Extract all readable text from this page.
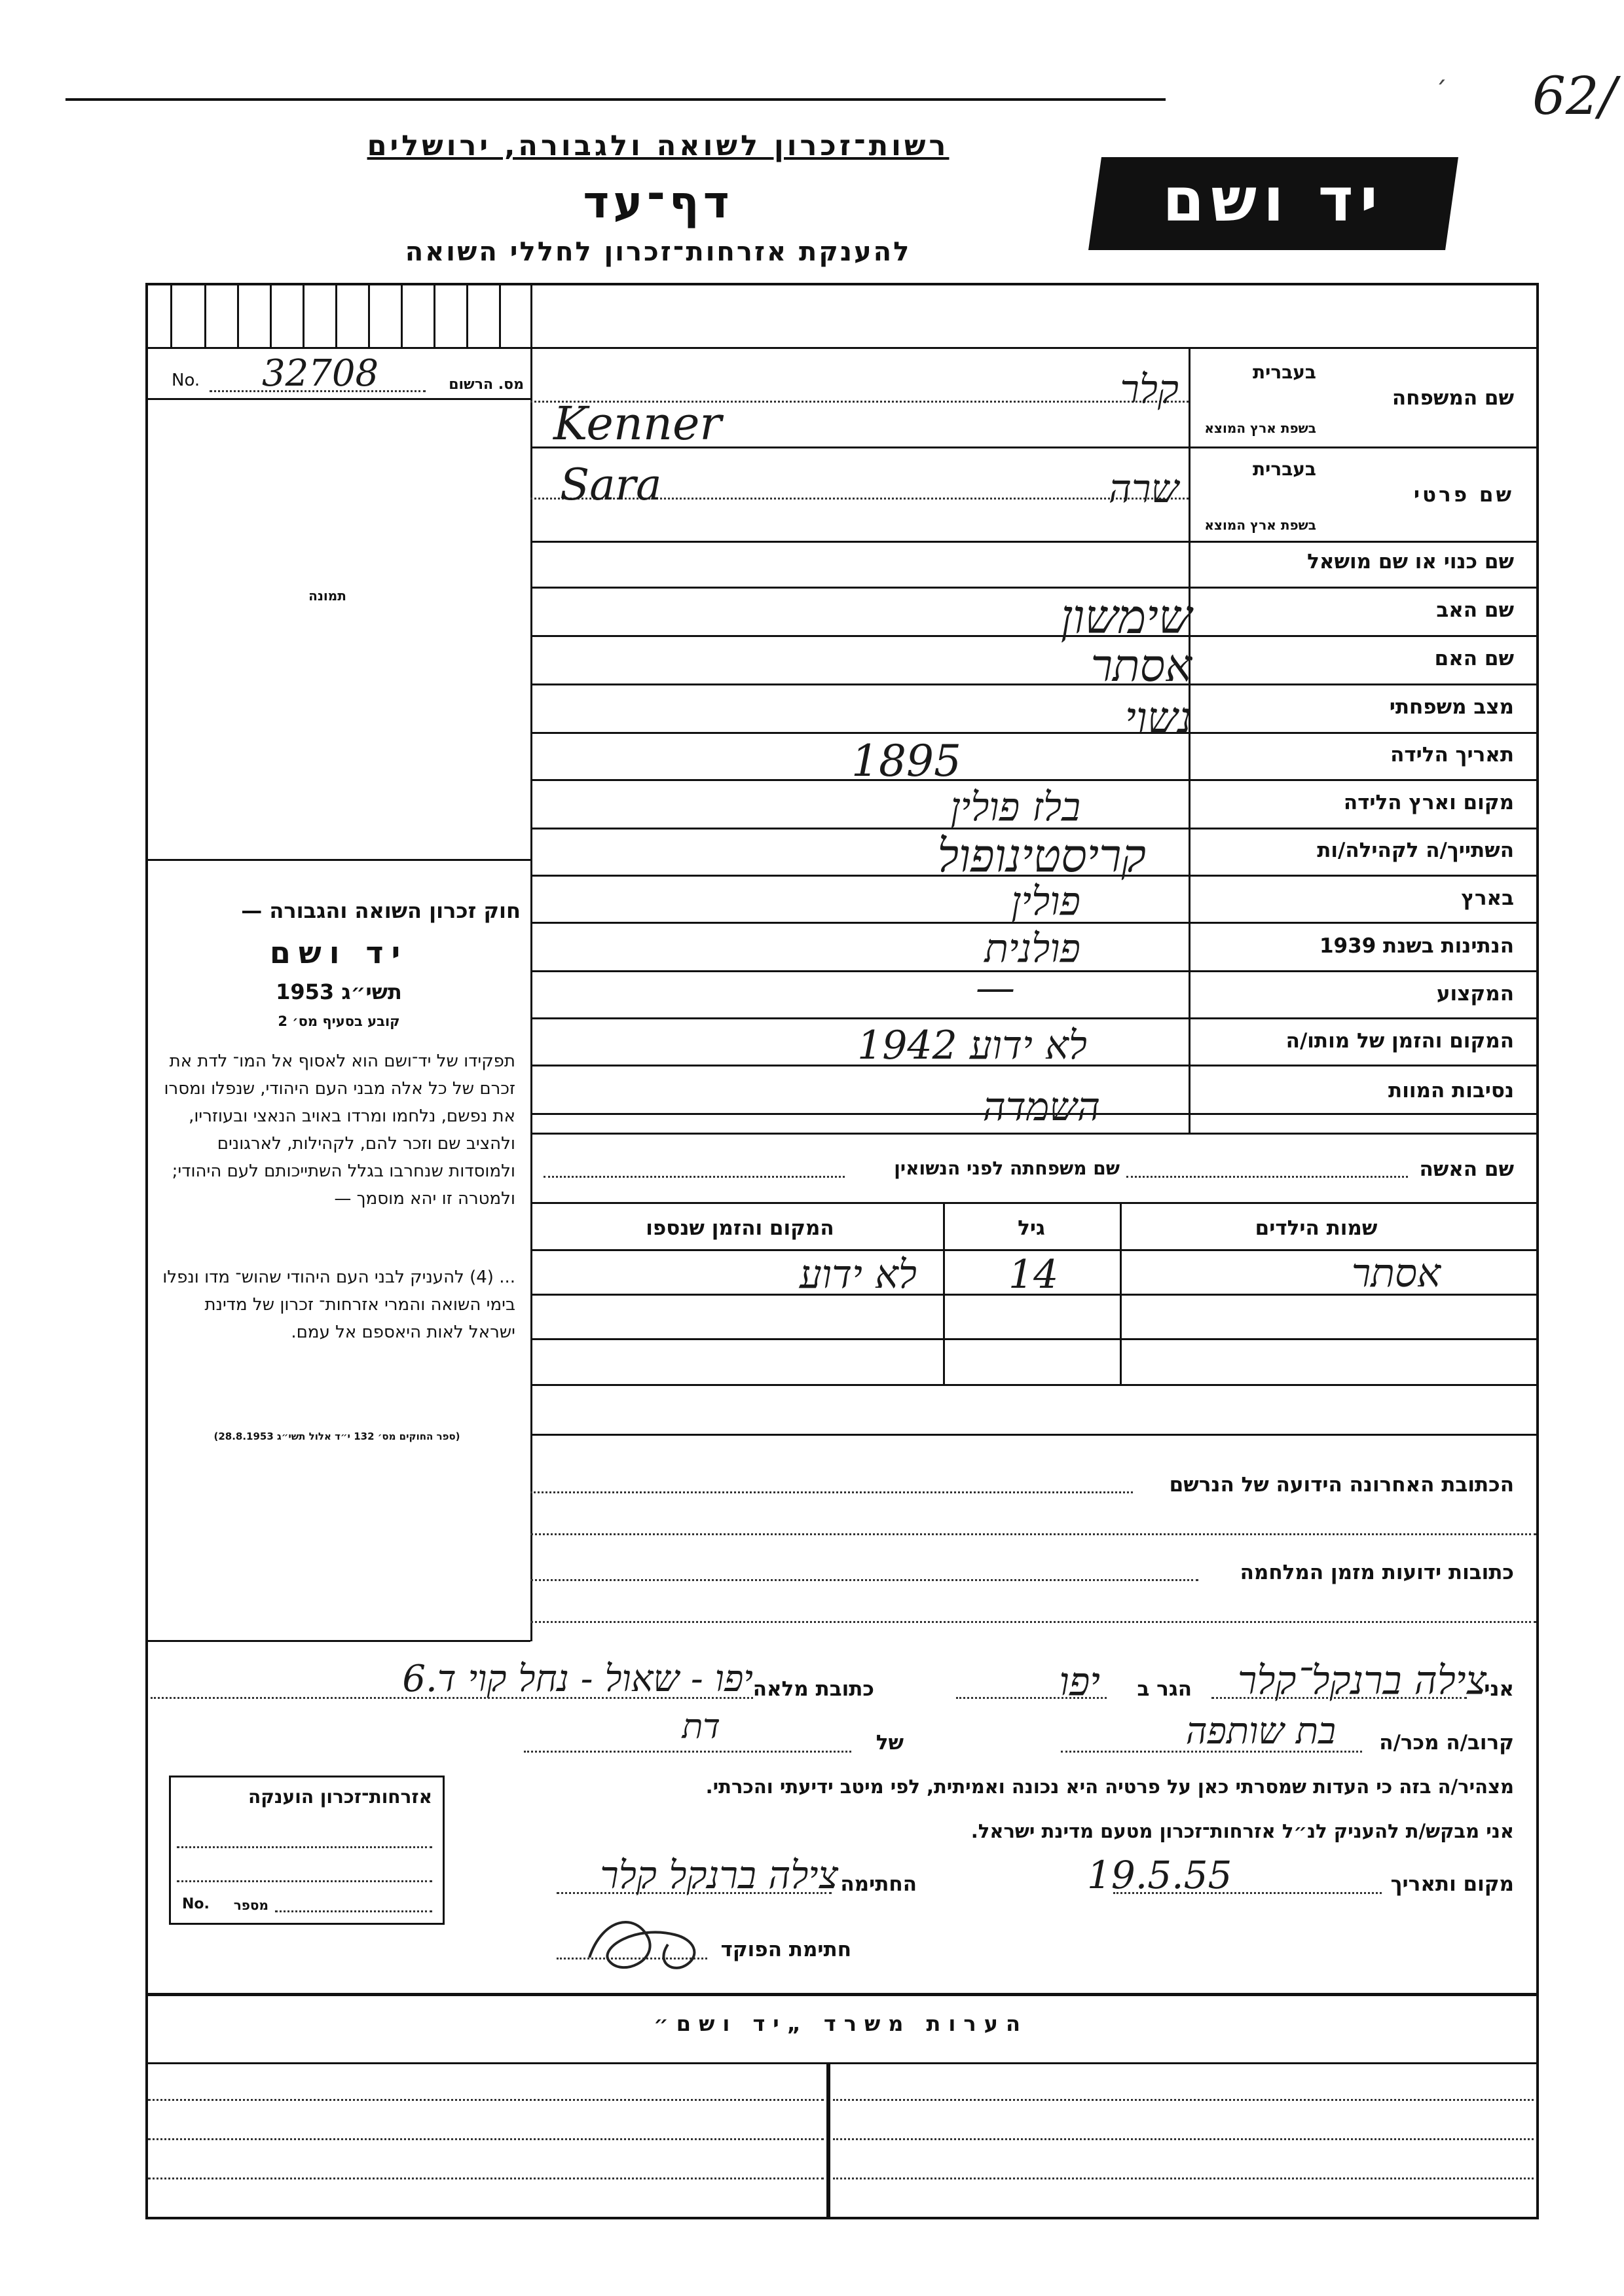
62/
ˊ
רשות־זכרון לשואה ולגבורה, ירושלים
דף־עד
להענקת אזרחות־זכרון לחללי השואה
יד ושם
No. 32708	מס. הרשום
תמונה
חוק זכרון השואה והגבורה —
יד ושם
תשי״ג 1953
קובע בסעיף מס׳ 2
תפקידו של יד־ושם הוא לאסוף אל המו־ לדת את זכרם של כל אלה מבני העם היהודי, שנפלו ומסרו את נפשם, נלחמו ומרדו באויב הנאצי ובעוזריו, ולהציב שם וזכר להם, לקהילות, לארגונים ולמוסדות שנחרבו בגלל השתייכותם לעם היהודי; ולמטרה זו יהא מוסמך —
... (4) להעניק לבני העם היהודי שהוש־ מדו ונפלו בימי השואה והמרי אזרחות־ זכרון של מדינת ישראל לאות היאספם אל עמם.
(ספר החוקים מס׳ 132 י״ד אלול תשי״ג 28.8.1953)
שם המשפחה
בעברית
בשפת ארץ המוצא
קלר
Kenner
שם פרטי
בעברית
בשפת ארץ המוצא
שרה
Sara
שם כנוי או שם מושאל
שם האב
שימשון
שם האם
אסתר
מצב משפחתי
נשוי
תאריך הלידה
1895
מקום וארץ הלידה
בלז פולין
השתייך/ה לקהילה/ות
קריסטינופול
בארץ
פולין
הנתינות בשנת 1939
פולנית
המקצוע
—
המקום והזמן של מותו/ה
לא ידוע 1942
נסיבות המוות
השמדה
שם האשה
שם משפחתה לפני הנשואין
שמות הילדים
גיל
המקום והזמן שנספו
אסתר
14
לא ידוע
הכתובת האחרונה הידועה של הנרשם
כתובות ידועות מזמן המלחמה
אני
צילה ברנקל־קלר
הגר ב
יפו
כתובת מלאה
יפו - שאול - נחל קוי ד.6
קרוב/ה מכר/ה
בת שותפה
של
דת
מצהיר/ה בזה כי העדות שמסרתי כאן על פרטיה היא נכונה ואמיתית, לפי מיטב ידיעתי והכרתי.
אני מבקש/ת להעניק לנ״ל אזרחות־זכרון מטעם מדינת ישראל.
אזרחות־זכרון הוענקה
No.	מספר
מקום ותאריך
19.5.55
החתימה
צילה ברנקל קלר
חתימת הפוקד
הערות משרד „יד ושם״
